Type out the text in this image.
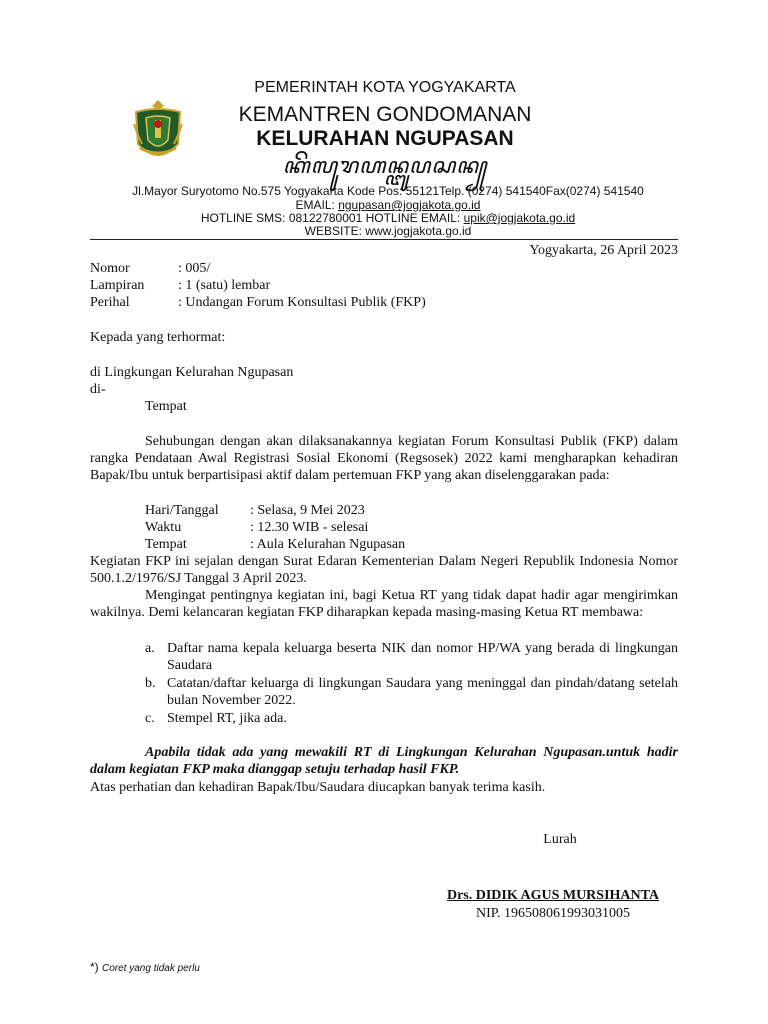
PEMERINTAH KOTA YOGYAKARTA
KEMANTREN GONDOMANAN
KELURAHAN NGUPASAN
ꦏꦼꦭꦸꦫꦲꦤ꧀ꦔꦸꦥꦱꦤ꧀
Jl.Mayor Suryotomo No.575 Yogyakarta Kode Pos: 55121Telp. (0274) 541540Fax(0274) 541540
EMAIL: ngupasan@jogjakota.go.id
HOTLINE SMS: 08122780001 HOTLINE EMAIL: upik@jogjakota.go.id
WEBSITE: www.jogjakota.go.id
Yogyakarta, 26 April 2023
Nomor	: 005/
Lampiran	: 1 (satu) lembar
Perihal	: Undangan Forum Konsultasi Publik (FKP)
Kepada yang terhormat:
di Lingkungan Kelurahan Ngupasan
di-
Tempat
Sehubungan dengan akan dilaksanakannya kegiatan Forum Konsultasi Publik (FKP) dalam rangka Pendataan Awal Registrasi Sosial Ekonomi (Regsosek) 2022 kami mengharapkan kehadiran Bapak/Ibu untuk berpartisipasi aktif dalam pertemuan FKP yang akan diselenggarakan pada:
Hari/Tanggal	: Selasa, 9 Mei 2023
Waktu	: 12.30 WIB - selesai
Tempat	: Aula Kelurahan Ngupasan
Kegiatan FKP ini sejalan dengan Surat Edaran Kementerian Dalam Negeri Republik Indonesia Nomor 500.1.2/1976/SJ Tanggal 3 April 2023.
Mengingat pentingnya kegiatan ini, bagi Ketua RT yang tidak dapat hadir agar mengirimkan wakilnya. Demi kelancaran kegiatan FKP diharapkan kepada masing-masing Ketua RT membawa:
a. Daftar nama kepala keluarga beserta NIK dan nomor HP/WA yang berada di lingkungan Saudara
b. Catatan/daftar keluarga di lingkungan Saudara yang meninggal dan pindah/datang setelah bulan November 2022.
c. Stempel RT, jika ada.
Apabila tidak ada yang mewakili RT di Lingkungan Kelurahan Ngupasan.untuk hadir dalam kegiatan FKP maka dianggap setuju terhadap hasil FKP.
Atas perhatian dan kehadiran Bapak/Ibu/Saudara diucapkan banyak terima kasih.
Lurah
Drs. DIDIK AGUS MURSIHANTA
NIP. 196508061993031005
*) Coret yang tidak perlu
